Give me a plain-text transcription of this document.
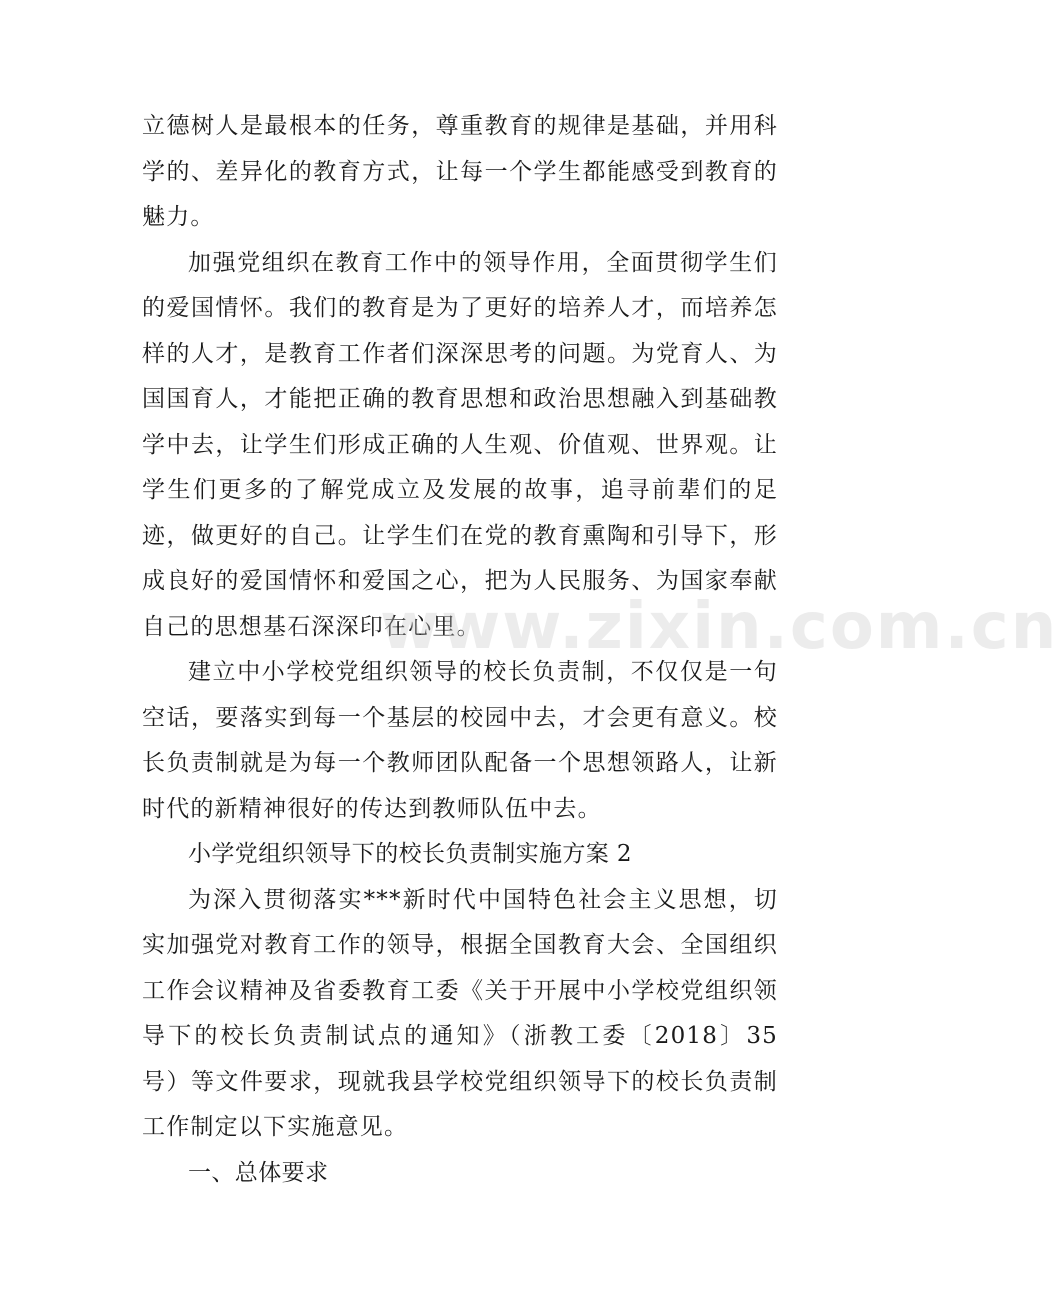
立德树人是最根本的任务，尊重教育的规律是基础，并用科学的、差异化的教育方式，让每一个学生都能感受到教育的魅力。

加强党组织在教育工作中的领导作用，全面贯彻学生们的爱国情怀。我们的教育是为了更好的培养人才，而培养怎样的人才，是教育工作者们深深思考的问题。为党育人、为国国育人，才能把正确的教育思想和政治思想融入到基础教学中去，让学生们形成正确的人生观、价值观、世界观。让学生们更多的了解党成立及发展的故事，追寻前辈们的足迹，做更好的自己。让学生们在党的教育熏陶和引导下，形成良好的爱国情怀和爱国之心，把为人民服务、为国家奉献自己的思想基石深深印在心里。

建立中小学校党组织领导的校长负责制，不仅仅是一句空话，要落实到每一个基层的校园中去，才会更有意义。校长负责制就是为每一个教师团队配备一个思想领路人，让新时代的新精神很好的传达到教师队伍中去。

小学党组织领导下的校长负责制实施方案 2

为深入贯彻落实***新时代中国特色社会主义思想，切实加强党对教育工作的领导，根据全国教育大会、全国组织工作会议精神及省委教育工委《关于开展中小学校党组织领导下的校长负责制试点的通知》（浙教工委〔2018〕35 号）等文件要求，现就我县学校党组织领导下的校长负责制工作制定以下实施意见。

一、总体要求

www.zixin.com.cn
